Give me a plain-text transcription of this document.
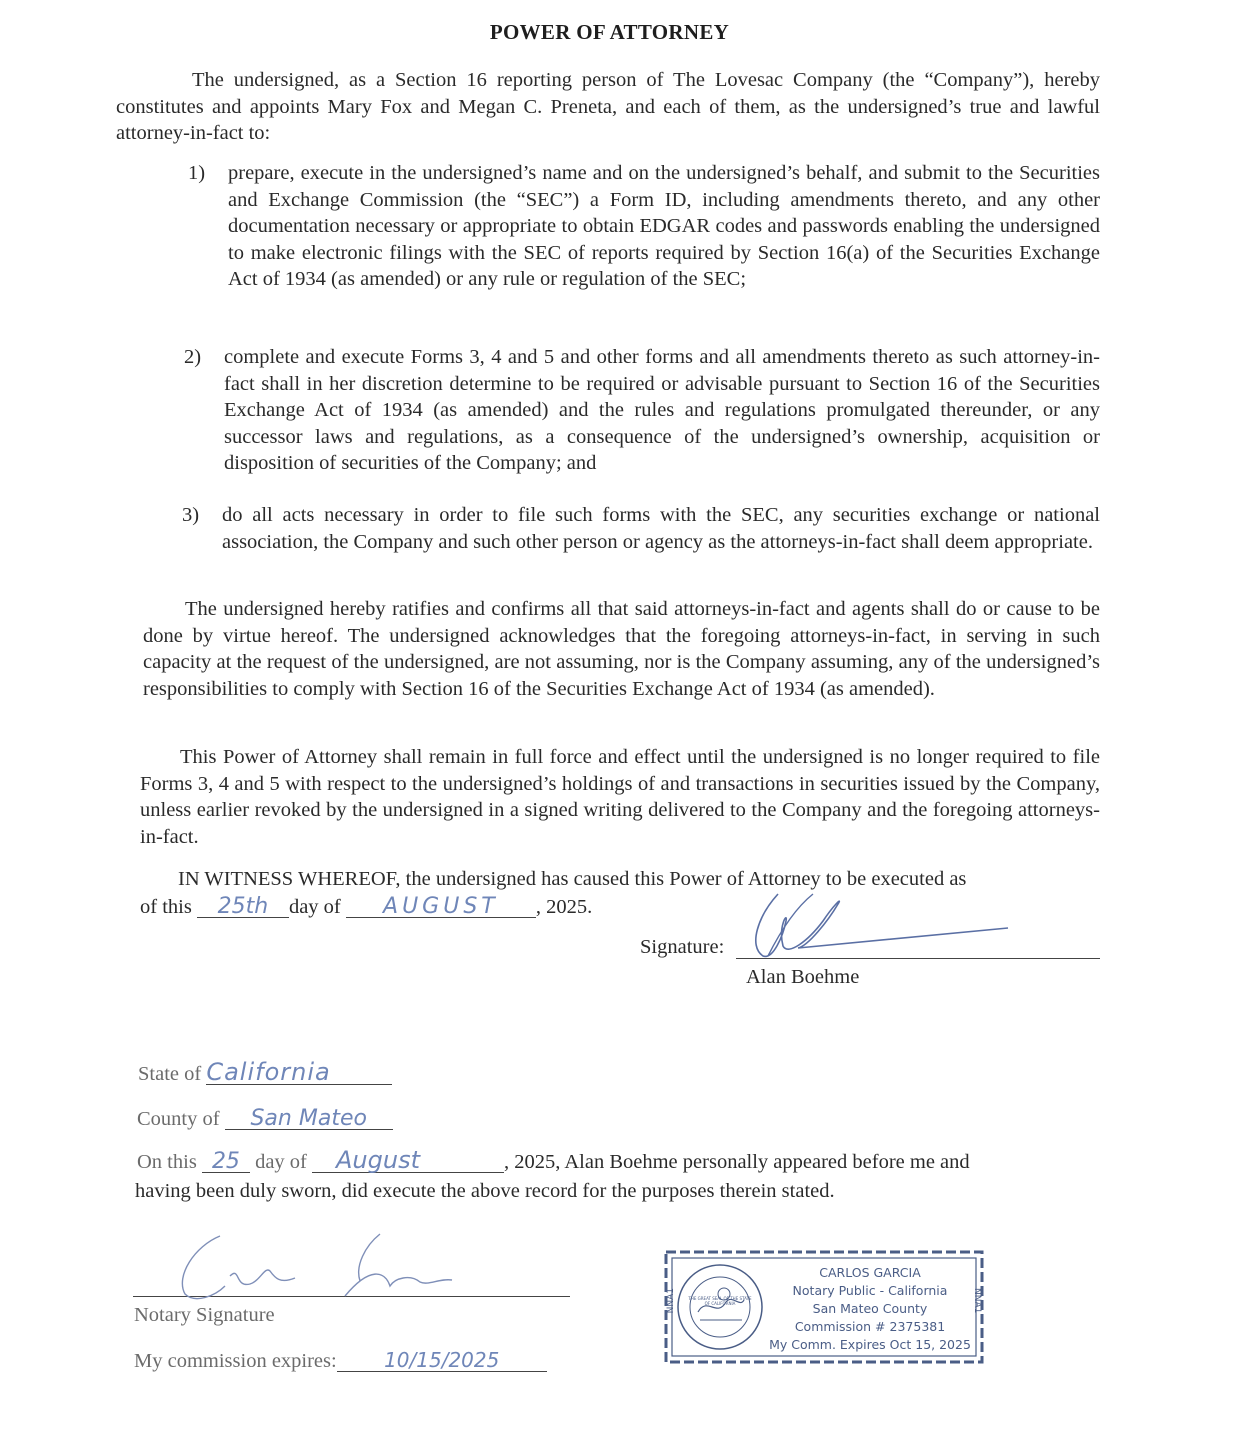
POWER OF ATTORNEY
The undersigned, as a Section 16 reporting person of The Lovesac Company (the “Company”), hereby constitutes and appoints Mary Fox and Megan C. Preneta, and each of them, as the undersigned’s true and lawful attorney-in-fact to:
1) prepare, execute in the undersigned’s name and on the undersigned’s behalf, and submit to the Securities and Exchange Commission (the “SEC”) a Form ID, including amendments thereto, and any other documentation necessary or appropriate to obtain EDGAR codes and passwords enabling the undersigned to make electronic filings with the SEC of reports required by Section 16(a) of the Securities Exchange Act of 1934 (as amended) or any rule or regulation of the SEC;
2) complete and execute Forms 3, 4 and 5 and other forms and all amendments thereto as such attorney-in-fact shall in her discretion determine to be required or advisable pursuant to Section 16 of the Securities Exchange Act of 1934 (as amended) and the rules and regulations promulgated thereunder, or any successor laws and regulations, as a consequence of the undersigned’s ownership, acquisition or disposition of securities of the Company; and
3) do all acts necessary in order to file such forms with the SEC, any securities exchange or national association, the Company and such other person or agency as the attorneys-in-fact shall deem appropriate.
The undersigned hereby ratifies and confirms all that said attorneys-in-fact and agents shall do or cause to be done by virtue hereof. The undersigned acknowledges that the foregoing attorneys-in-fact, in serving in such capacity at the request of the undersigned, are not assuming, nor is the Company assuming, any of the undersigned’s responsibilities to comply with Section 16 of the Securities Exchange Act of 1934 (as amended).
This Power of Attorney shall remain in full force and effect until the undersigned is no longer required to file Forms 3, 4 and 5 with respect to the undersigned’s holdings of and transactions in securities issued by the Company, unless earlier revoked by the undersigned in a signed writing delivered to the Company and the foregoing attorneys-in-fact.
IN WITNESS WHEREOF, the undersigned has caused this Power of Attorney to be executed as
of this 25th day of AUGUST , 2025.
Signature:
Alan Boehme
State of California
County of San Mateo
On this 25 day of August	, 2025, Alan Boehme personally appeared before me and
having been duly sworn, did execute the above record for the purposes therein stated.
Notary Signature
My commission expires: 10/15/2025
NNA1	NNA1
THE GREAT SEAL OF THE STATE OF CALIFORNIA
CARLOS GARCIA
Notary Public - California
San Mateo County
Commission # 2375381
My Comm. Expires Oct 15, 2025
